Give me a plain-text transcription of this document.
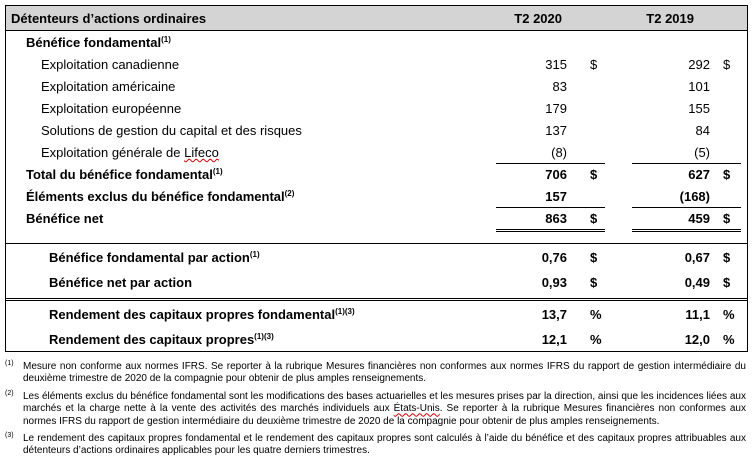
Détenteurs d’actions ordinaires	T2 2020	T2 2019
Bénéfice fondamental$^{(1)}$
Exploitation canadienne	315 $	292 $
Exploitation américaine	83	101
Exploitation européenne	179	155
Solutions de gestion du capital et des risques	137	84
Exploitation générale de Lifeco	(8)	(5)
Total du bénéfice fondamental$^{(1)}$	706 $	627 $
Éléments exclus du bénéfice fondamental$^{(2)}$	157	(168)
Bénéfice net	863 $	459 $
Bénéfice fondamental par action$^{(1)}$	0,76 $	0,67 $
Bénéfice net par action	0,93 $	0,49 $
Rendement des capitaux propres fondamental$^{(1)(3)}$	13,7 %	11,1 %
Rendement des capitaux propres$^{(1)(3)}$	12,1 %	12,0 %
(1) Mesure non conforme aux normes IFRS. Se reporter à la rubrique Mesures financières non conformes aux normes IFRS du rapport de gestion intermédiaire du deuxième trimestre de 2020 de la compagnie pour obtenir de plus amples renseignements.
(2) Les éléments exclus du bénéfice fondamental sont les modifications des bases actuarielles et les mesures prises par la direction, ainsi que les incidences liées aux marchés et la charge nette à la vente des activités des marchés individuels aux États-Unis. Se reporter à la rubrique Mesures financières non conformes aux normes IFRS du rapport de gestion intermédiaire du deuxième trimestre de 2020 de la compagnie pour obtenir de plus amples renseignements.
(3) Le rendement des capitaux propres fondamental et le rendement des capitaux propres sont calculés à l’aide du bénéfice et des capitaux propres attribuables aux détenteurs d’actions ordinaires applicables pour les quatre derniers trimestres.
